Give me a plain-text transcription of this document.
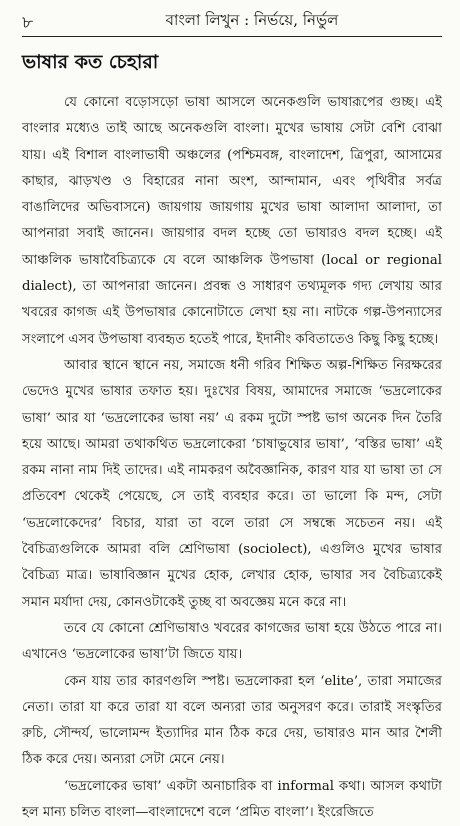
৮	বাংলা লিখুন : নির্ভয়ে, নির্ভুল
ভাষার কত চেহারা

যে কোনো বড়োসড়ো ভাষা আসলে অনেকগুলি ভাষারূপের গুচ্ছ। এই বাংলার মধ্যেও তাই আছে অনেকগুলি বাংলা। মুখের ভাষায় সেটা বেশি বোঝা যায়। এই বিশাল বাংলাভাষী অঞ্চলের (পশ্চিমবঙ্গ, বাংলাদেশ, ত্রিপুরা, আসামের কাছার, ঝাড়খণ্ড ও বিহারের নানা অংশ, আন্দামান, এবং পৃথিবীর সর্বত্র বাঙালিদের অভিবাসনে) জায়গায় জায়গায় মুখের ভাষা আলাদা আলাদা, তা আপনারা সবাই জানেন। জায়গার বদল হচ্ছে তো ভাষারও বদল হচ্ছে। এই আঞ্চলিক ভাষাবৈচিত্র্যকে যে বলে আঞ্চলিক উপভাষা (local or regional dialect), তা আপনারা জানেন। প্রবন্ধ ও সাধারণ তথ্যমূলক গদ্য লেখায় আর খবরের কাগজ এই উপভাষার কোনোটাতে লেখা হয় না। নাটকে গল্প-উপন্যাসের সংলাপে এসব উপভাষা ব্যবহৃত হতেই পারে, ইদানীং কবিতাতেও কিছু কিছু হচ্ছে।

আবার স্থানে স্থানে নয়, সমাজে ধনী গরিব শিক্ষিত অল্প-শিক্ষিত নিরক্ষরের ভেদেও মুখের ভাষার তফাত হয়। দুঃখের বিষয়, আমাদের সমাজে ‘ভদ্রলোকের ভাষা’ আর যা ‘ভদ্রলোকের ভাষা নয়’ এ রকম দুটো স্পষ্ট ভাগ অনেক দিন তৈরি হয়ে আছে। আমরা তথাকথিত ভদ্রলোকেরা ‘চাষাভুষোর ভাষা’, ‘বস্তির ভাষা’ এই রকম নানা নাম দিই তাদের। এই নামকরণ অবৈজ্ঞানিক, কারণ যার যা ভাষা তা সে প্রতিবেশ থেকেই পেয়েছে, সে তাই ব্যবহার করে। তা ভালো কি মন্দ, সেটা ‘ভদ্রলোকেদের’ বিচার, যারা তা বলে তারা সে সম্বন্ধে সচেতন নয়। এই বৈচিত্র্যগুলিকে আমরা বলি শ্রেণিভাষা (sociolect), এগুলিও মুখের ভাষার বৈচিত্র্য মাত্র। ভাষাবিজ্ঞান মুখের হোক, লেখার হোক, ভাষার সব বৈচিত্র্যকেই সমান মর্যাদা দেয়, কোনওটাকেই তুচ্ছ বা অবজ্ঞেয় মনে করে না।

তবে যে কোনো শ্রেণিভাষাও খবরের কাগজের ভাষা হয়ে উঠতে পারে না। এখানেও ‘ভদ্রলোকের ভাষা’টা জিতে যায়।

কেন যায় তার কারণগুলি স্পষ্ট। ভদ্রলোকরা হল ‘elite’, তারা সমাজের নেতা। তারা যা করে তারা যা বলে অন্যরা তার অনুসরণ করে। তারাই সংস্কৃতির রুচি, সৌন্দর্য, ভালোমন্দ ইত্যাদির মান ঠিক করে দেয়, ভাষারও মান আর শৈলী ঠিক করে দেয়। অন্যরা সেটা মেনে নেয়।

‘ভদ্রলোকের ভাষা’ একটা অনাচারিক বা informal কথা। আসল কথাটা হল মান্য চলিত বাংলা—বাংলাদেশে বলে ‘প্রমিত বাংলা’। ইংরেজিতে
